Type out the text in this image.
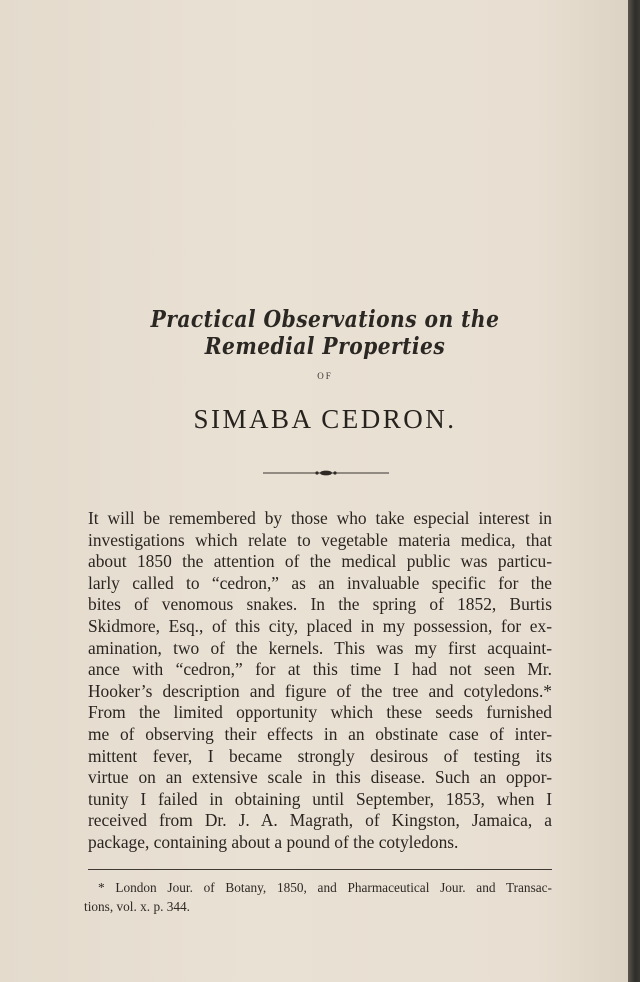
Practical Observations on the Remedial Properties
OF
SIMABA CEDRON.
It will be remembered by those who take especial interest in
investigations which relate to vegetable materia medica, that
about 1850 the attention of the medical public was particu-
larly called to “cedron,” as an invaluable specific for the
bites of venomous snakes. In the spring of 1852, Burtis
Skidmore, Esq., of this city, placed in my possession, for ex-
amination, two of the kernels. This was my first acquaint-
ance with “cedron,” for at this time I had not seen Mr.
Hooker’s description and figure of the tree and cotyledons.*
From the limited opportunity which these seeds furnished
me of observing their effects in an obstinate case of inter-
mittent fever, I became strongly desirous of testing its
virtue on an extensive scale in this disease. Such an oppor-
tunity I failed in obtaining until September, 1853, when I
received from Dr. J. A. Magrath, of Kingston, Jamaica, a
package, containing about a pound of the cotyledons.
* London Jour. of Botany, 1850, and Pharmaceutical Jour. and Transac-
tions, vol. x. p. 344.
